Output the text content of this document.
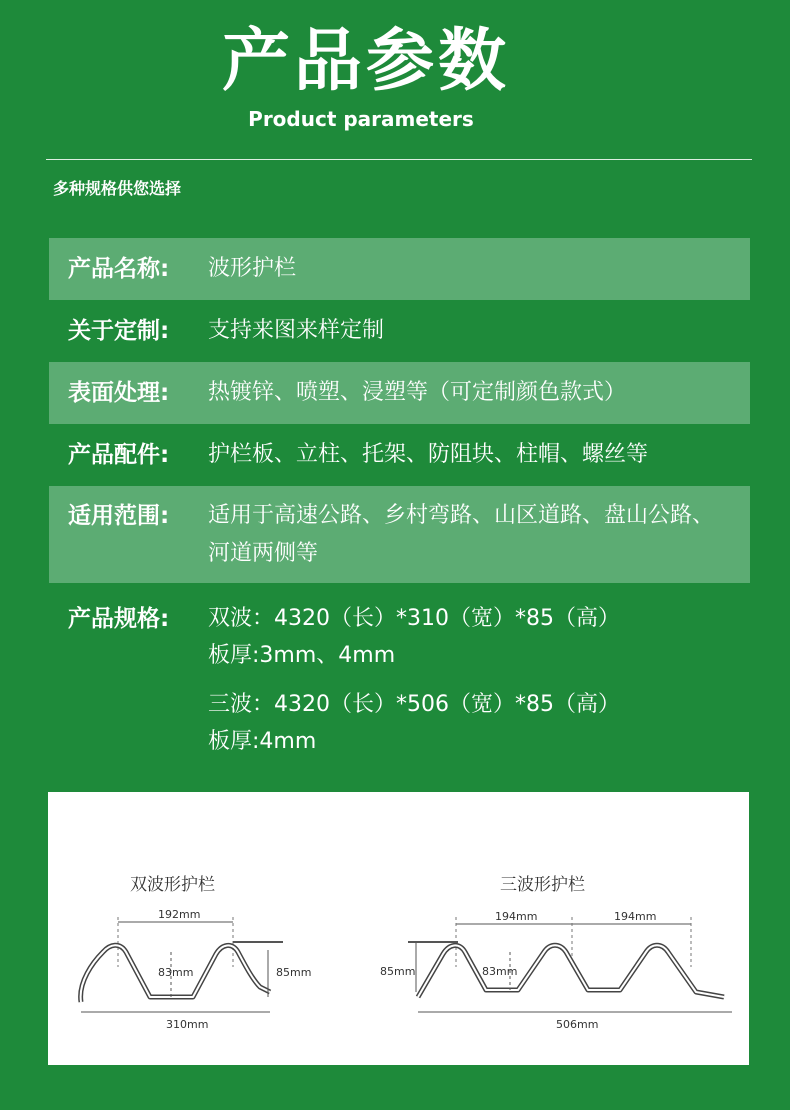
产品参数
Product parameters
多种规格供您选择
产品名称:	波形护栏
关于定制:	支持来图来样定制
表面处理:	热镀锌、喷塑、浸塑等（可定制颜色款式）
产品配件:	护栏板、立柱、托架、防阻块、柱帽、螺丝等
适用范围:	适用于高速公路、乡村弯路、山区道路、盘山公路、河道两侧等
产品规格:	双波：4320（长）*310（宽）*85（高）
板厚:3mm、4mm
三波：4320（长）*506（宽）*85（高）
板厚:4mm
双波形护栏
192mm
83mm	85mm
310mm
三波形护栏
194mm	194mm
85mm	83mm
506mm
